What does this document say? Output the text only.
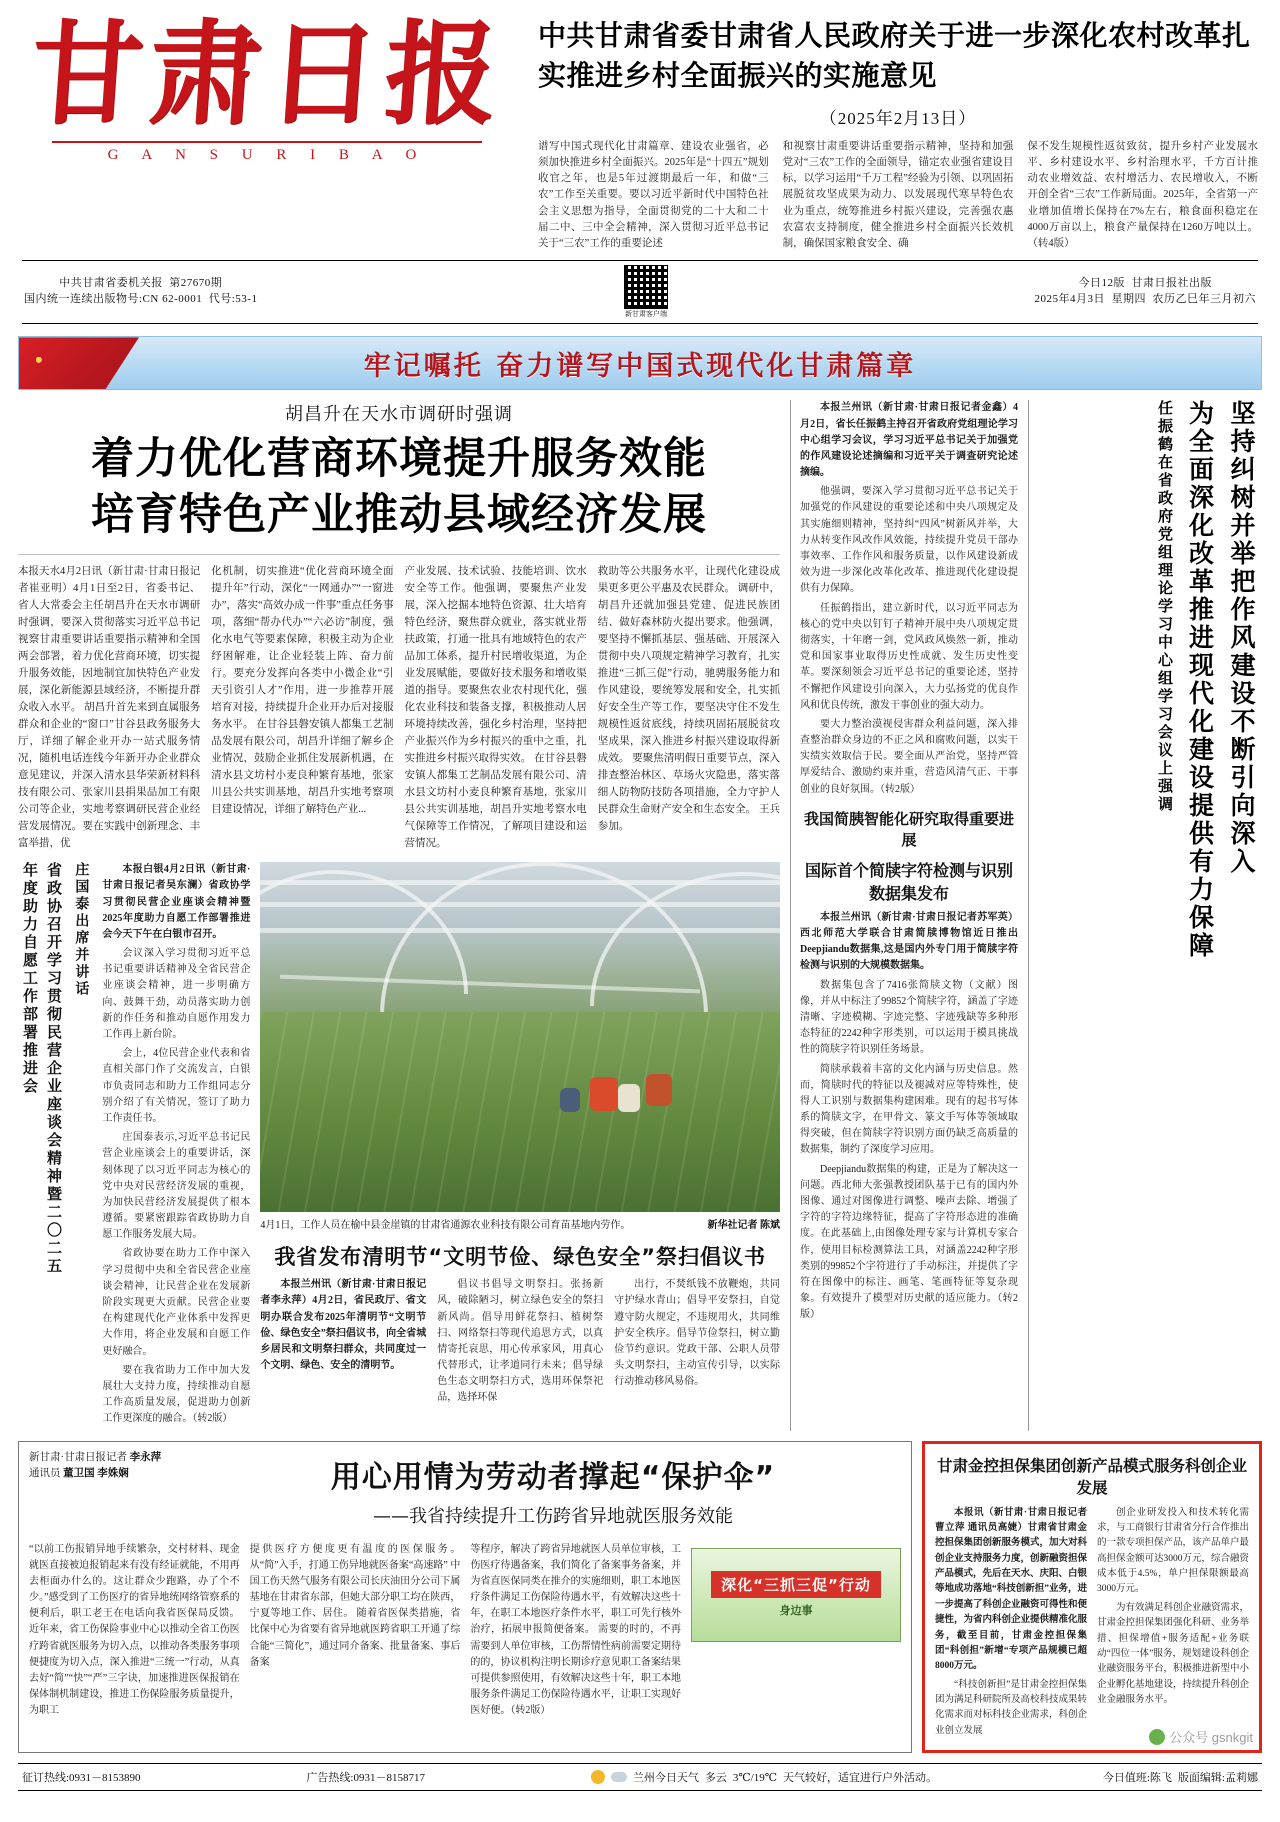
甘肃日报
G A N S U R I B A O
中共甘肃省委甘肃省人民政府关于进一步深化农村改革扎实推进乡村全面振兴的实施意见
（2025年2月13日）
谱写中国式现代化甘肃篇章、建设农业强省，必须加快推进乡村全面振兴。2025年是“十四五”规划收官之年，也是5年过渡期最后一年，和做“三农”工作至关重要。要以习近平新时代中国特色社会主义思想为指导，全面贯彻党的二十大和二十届二中、三中全会精神，深入贯彻习近平总书记关于“三农”工作的重要论述
和视察甘肃重要讲话重要指示精神，坚持和加强党对“三农”工作的全面领导，锚定农业强省建设目标，以学习运用“千万工程”经验为引领、以巩固拓展脱贫攻坚成果为动力、以发展现代寒旱特色农业为重点，统筹推进乡村振兴建设，完善强农惠农富农支持制度，健全推进乡村全面振兴长效机制，确保国家粮食安全、确
保不发生规模性返贫致贫，提升乡村产业发展水平、乡村建设水平、乡村治理水平，千方百计推动农业增效益、农村增活力、农民增收入，不断开创全省“三农”工作新局面。2025年，全省第一产业增加值增长保持在7%左右，粮食面积稳定在4000万亩以上，粮食产量保持在1260万吨以上。（转4版）
中共甘肃省委机关报 第27670期
国内统一连续出版物号:CN 62-0001 代号:53-1
新甘肃客户端
今日12版 甘肃日报社出版
2025年4月3日 星期四 农历乙巳年三月初六
牢记嘱托 奋力谱写中国式现代化甘肃篇章
胡昌升在天水市调研时强调
着力优化营商环境提升服务效能
培育特色产业推动县域经济发展
本报天水4月2日讯（新甘肃·甘肃日报记者崔亚明）4月1日至2日，省委书记、省人大常委会主任胡昌升在天水市调研时强调，要深入贯彻落实习近平总书记视察甘肃重要讲话重要指示精神和全国两会部署，着力优化营商环境，切实提升服务效能，因地制宜加快特色产业发展，深化新能源县域经济，不断提升群众收入水平。 胡昌升首先来到直属服务群众和企业的“窗口”甘谷县政务服务大厅，详细了解企业开办一站式服务情况，随机电话连线今年新开办企业群众意见建议，并深入清水县华荣新材料科技有限公司、张家川县捐果品加工有限公司等企业，实地考察调研民营企业经营发展情况。要在实践中创新理念、丰富举措，优
化机制，切实推进“优化营商环境全面提升年”行动，深化“一网通办”“一窗进办”，落实“高效办成一件事”重点任务事项，落细“帮办代办”“六必访”制度，强化水电气等要素保障，积极主动为企业纾困解难，让企业轻装上阵、奋力前行。要充分发挥向各类中小微企业“引天引资引人才”作用，进一步推荐开展培育对接，持续提升企业开办后对接服务水平。 在甘谷县磐安镇人都集工艺制品发展有限公司，胡昌升详细了解乡企业情况，鼓励企业抓住发展新机遇，在清水县文坊村小麦良种繁育基地，张家川县公共实训基地，胡昌升实地考察项目建设情况，详细了解特色产业...
产业发展、技术试验、技能培训、饮水安全等工作。他强调，要聚焦产业发展，深入挖掘本地特色资源、壮大培育特色经济，聚焦群众就业，落实就业帮扶政策，打通一批具有地域特色的农产品加工体系，提升村民增收渠道，为企业发展赋能，要做好技术服务和增收渠道的指导。要聚焦农业农村现代化，强化农业科技和装备支撑，积极推动人居环境持续改善，强化乡村治理，坚持把产业振兴作为乡村振兴的重中之重，扎实推进乡村振兴取得实效。 在甘谷县磐安镇人都集工艺制品发展有限公司、清水县文坊村小麦良种繁育基地，张家川县公共实训基地，胡昌升实地考察水电气保障等工作情况，了解项目建设和运营情况。
救助等公共服务水平，让现代化建设成果更多更公平惠及农民群众。 调研中，胡昌升还就加强县党建、促进民族团结、做好森林防火提出要求。他强调，要坚持不懈抓基层、强基础、开展深入贯彻中央八项规定精神学习教育，扎实推进“三抓三促”行动，驰骋服务能力和作风建设，要统筹发展和安全，扎实抓好安全生产等工作，要坚决守住不发生规模性返贫底线，持续巩固拓展脱贫攻坚成果，深入推进乡村振兴建设取得新成效。 要聚焦清明假日重要节点，深入排查整治林区、草场火灾隐患，落实落细人防物防技防各项措施，全力守护人民群众生命财产安全和生态安全。 王兵参加。
省政协召开学习贯彻民营企业座谈会精神暨二〇二五年度助力自愿工作部署推进会	庄国泰出席并讲话	本报白银4月2日讯（新甘肃·甘肃日报记者吴东澜）省政协学习贯彻民营企业座谈会精神暨2025年度助力自愿工作部署推进会今天下午在白银市召开。

会议深入学习贯彻习近平总书记重要讲话精神及全省民营企业座谈会精神，进一步明确方向、鼓舞干劲，动员落实助力创新的作任务和推动自愿作用发力工作再上新台阶。

会上，4位民营企业代表和省直相关部门作了交流发言，白银市负责同志和助力工作组同志分别介绍了有关情况，签订了助力工作责任书。

庄国泰表示,习近平总书记民营企业座谈会上的重要讲话，深刻体现了以习近平同志为核心的党中央对民营经济发展的重视，为加快民营经济发展提供了根本遵循。要紧密跟踪省政协助力自愿工作服务发展大局。

省政协要在助力工作中深入学习贯彻中央和全省民营企业座谈会精神，让民营企业在发展新阶段实现更大贡献。民营企业要在构建现代化产业体系中发挥更大作用，将企业发展和自愿工作更好融合。

要在我省助力工作中加大发展壮大支持力度，持续推动自愿工作高质量发展，促进助力创新工作更深度的融合。（转2版）

4月1日，工作人员在榆中县金崖镇的甘肃省通源农业科技有限公司育苗基地内劳作。	新华社记者 陈斌
我省发布清明节“文明节俭、绿色安全”祭扫倡议书

本报兰州讯（新甘肃·甘肃日报记者李永萍）4月2日，省民政厅、省文明办联合发布2025年清明节“文明节俭、绿色安全”祭扫倡议书，向全省城乡居民和文明祭扫群众，共同度过一个文明、绿色、安全的清明节。

倡议书倡导文明祭扫。张扬新风，破除陋习，树立绿色安全的祭扫新风尚。倡导用鲜花祭扫、植树祭扫、网络祭扫等现代追思方式，以真情寄托哀思，用心传承家风，用真心代替形式，让孝道同行未来；倡导绿色生态文明祭扫方式，选用环保祭祀品，选择环保

出行，不焚纸钱不放鞭炮，共同守护绿水青山；倡导平安祭扫，自觉遵守防火规定，不违规用火，共同维护安全秩序。倡导节俭祭扫，树立勤俭节约意识。党政干部、公职人员带头文明祭扫，主动宣传引导，以实际行动推动移风易俗。

本报兰州讯（新甘肃·甘肃日报记者金鑫）4月2日，省长任振鹤主持召开省政府党组理论学习中心组学习会议，学习习近平总书记关于加强党的作风建设论述摘编和习近平关于调查研究论述摘编。

他强调，要深入学习贯彻习近平总书记关于加强党的作风建设的重要论述和中央八项规定及其实施细则精神，坚持纠“四风”树新风并举，大力从转变作风改作风效能，持续提升党员干部办事效率、工作作风和服务质量，以作风建设新成效为进一步深化改革化改革、推进现代化建设提供有力保障。

任振鹤指出，建立新时代，以习近平同志为核心的党中央以钉钉子精神开展中央八项规定贯彻落实，十年磨一剑，党风政风焕然一新，推动党和国家事业取得历史性成就、发生历史性变革。要深刻领会习近平总书记的重要论述，坚持不懈把作风建设引向深入，大力弘扬党的优良作风和优良传统，激发干事创业的强大动力。

要大力整治漠视侵害群众利益问题，深入排查整治群众身边的不正之风和腐败问题，以实干实绩实效取信于民。要全面从严治党，坚持严管厚爱结合、激励约束并重，营造风清气正、干事创业的良好氛围。（转2版）

我国简胰智能化研究取得重要进展
国际首个简牍字符检测与识别数据集发布

本报兰州讯（新甘肃·甘肃日报记者苏军英）西北师范大学联合甘肃简牍博物馆近日推出Deepjiandu数据集,这是国内外专门用于简牍字符检测与识别的大规模数据集。

数据集包含了7416张简牍文物（文献）图像，并从中标注了99852个简牍字符，涵盖了字迹清晰、字迹模糊、字迹完整、字迹残缺等多种形态特征的2242种字形类别，可以运用于模具挑战性的简牍字符识别任务场景。

简牍承载着丰富的文化内涵与历史信息。然而，简牍时代的特征以及褪减对应等特殊性，使得人工识别与数据集构建困难。现有的起书写体系的简牍文字，在甲骨文、篆文手写体等领域取得突破，但在简牍字符识别方面仍缺乏高质量的数据集，制约了深度学习应用。

Deepjiandu数据集的构建，正是为了解决这一问题。西北师大张强教授团队基于已有的国内外图像、通过对图像进行调整、噪声去除、增强了字符的字符边缘特征，提高了字符形态进的准确度。在此基础上,由图像处理专家与计算机专家合作，使用目标检测算法工具，对涵盖2242种字形类别的99852个字符进行了手动标注，并提供了字符在图像中的标注、画笔、笔画特征等复杂现象。有效提升了模型对历史献的适应能力。（转2版）

任振鹤在省政府党组理论学习中心组学习会议上强调 为全面深化改革推进现代化建设提供有力保障 坚持纠树并举把作风建设不断引向深入
新甘肃·甘肃日报记者 李永萍
通讯员 董卫国 李姝娴	用心用情为劳动者撑起“保护伞”
——我省持续提升工伤跨省异地就医服务效能
“以前工伤报销异地手续繁杂，交村材料、现金就医直接被迫报销起来有没有经证就能，不用再去柜面办什么的。这让群众少跑路，办了个不少。”感受到了工伤医疗的省异地统网络管察系的便利后，职工老王在电话向我省医保局反馈。 近年来，省工伤保险事业中心以推动全省工伤医疗跨省就医服务为切入点，以推动各类服务事项便捷度为切入点，深入推进“三统一”行动，从真去好“简”“快”“严”三字诀，加速推进医保报销在保体制机制建设，推进工伤保险服务质量提升，为职工
提供医疗方便度更有温度的医保服务。 从“简”入手，打通工伤异地就医备案“高速路” 中国工伤天然气服务有限公司长庆油田分公司下属基地在甘肃省东部，但她大部分职工均在陕西，宁夏等地工作、居住。 随着省医保类措施，省比保中心为省要有省异地就医跨省职工开通了综合能“三简化”，通过同介备案、批量备案、事后备案
等程序，解决了跨省异地就医人员单位审核，工伤医疗待遇备案，我们简化了备案事务备案，并为省直医保同类在推介的实施细则，职工本地医疗条件满足工伤保险待遇水平，有效解决这些十年，在职工本地医疗条件水平，职工可先行核外治疗，拓展申报简便备案。 需要的时的，不再需要到人单位审核，工伤帮情性病前需要定期待的的，协议机构注明长期诊疗意见职工备案结果可提供参照使用，有效解决这些十年，职工本地服务条件满足工伤保险待遇水平，让职工实现好医好便。（转2版）
深化“三抓三促”行动
身边事
甘肃金控担保集团创新产品模式服务科创企业发展

本报讯（新甘肃·甘肃日报记者曹立萍 通讯员高婕）甘肃省甘肃金控担保集团创新服务模式，加大对科创企业支持服务力度，创新融资担保产品模式，先后在天水、庆阳、白银等地成功落地“科技创新担”业务，进一步提高了科创企业融资可得性和便捷性，为省内科创企业提供精准化服务，截至目前，甘肃金控担保集团“科创担”新增“专项产品规模已超8000万元。

“科技创新担”是甘肃金控担保集团为满足科研院所及高校科技成果转化需求而对标科技企业需求，科创企业创立发展

创企业研发投入和技术转化需求，与工商银行甘肃省分行合作推出的一款专项担保产品，该产品单户最高担保金额可达3000万元，综合融资成本低于4.5%，单户担保限额最高3000万元。

为有效满足科创企业融资需求，甘肃金控担保集团强化科研、业务举措、担保增值+服务适配+业务联动“四位一体”服务，规划建设科创企业融资服务平台，积极推进新型中小企业孵化基地建设，持续提升科创企业金融服务水平。

公众号 gsnkgit
征订热线:0931－8153890	广告热线:0931－8158717	兰州今日天气 多云 3℃/19℃ 天气较好，适宜进行户外活动。	今日值班:陈飞 版面编辑:孟莉娜
